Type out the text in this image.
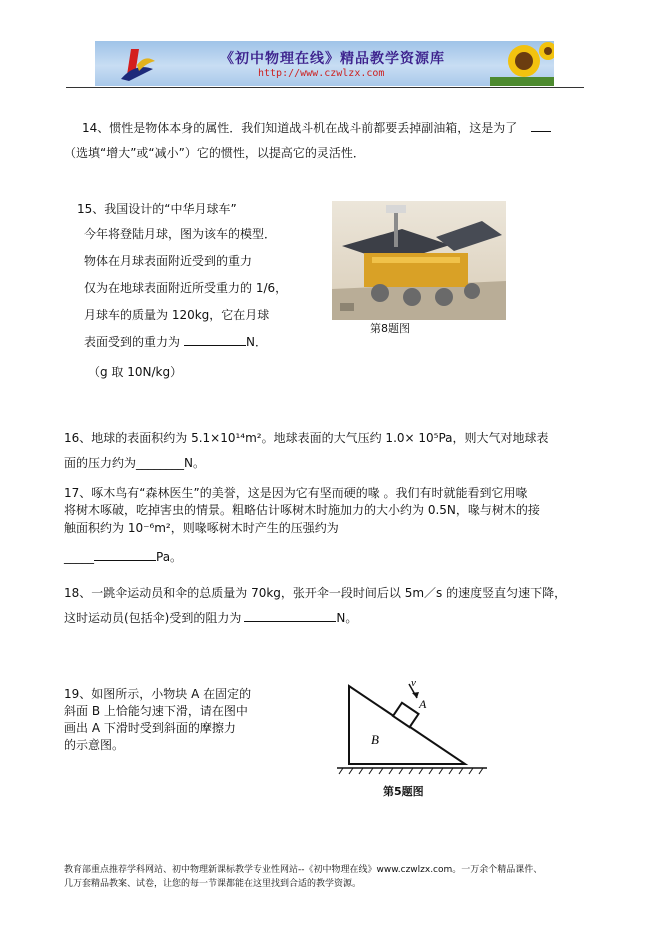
《初中物理在线》精品教学资源库
http://www.czwlzx.com
14、惯性是物体本身的属性．我们知道战斗机在战斗前都要丢掉副油箱，这是为了
（选填“增大”或“减小”）它的惯性，以提高它的灵活性．
15、我国设计的“中华月球车”
今年将登陆月球，图为该车的模型．
物体在月球表面附近受到的重力
仅为在地球表面附近所受重力的 1/6，
月球车的质量为 120kg，它在月球
表面受到的重力为	N．
（g 取 10N/kg）
第8题图
16、地球的表面积约为 5.1×10¹⁴m²。地球表面的大气压约 1.0× 10⁵Pa，则大气对地球表
面的压力约为________N。
17、啄木鸟有“森林医生”的美誉，这是因为它有坚而硬的喙 。我们有时就能看到它用喙
将树木啄破，吃掉害虫的情景。粗略估计啄树木时施加力的大小约为 0.5N，喙与树木的接
触面积约为 10⁻⁶m²，则喙啄树木时产生的压强约为
_____	Pa。
18、一跳伞运动员和伞的总质量为 70kg，张开伞一段时间后以 5m／s 的速度竖直匀速下降，
这时运动员(包括伞)受到的阻力为	N。
19、如图所示，小物块 A 在固定的
斜面 B 上恰能匀速下滑，请在图中
画出 A 下滑时受到斜面的摩擦力
的示意图。
v
A
B
第5题图
教育部重点推荐学科网站、初中物理新课标教学专业性网站--《初中物理在线》www.czwlzx.com。一万余个精品课件、
几万套精品教案、试卷，让您的每一节课都能在这里找到合适的教学资源。
